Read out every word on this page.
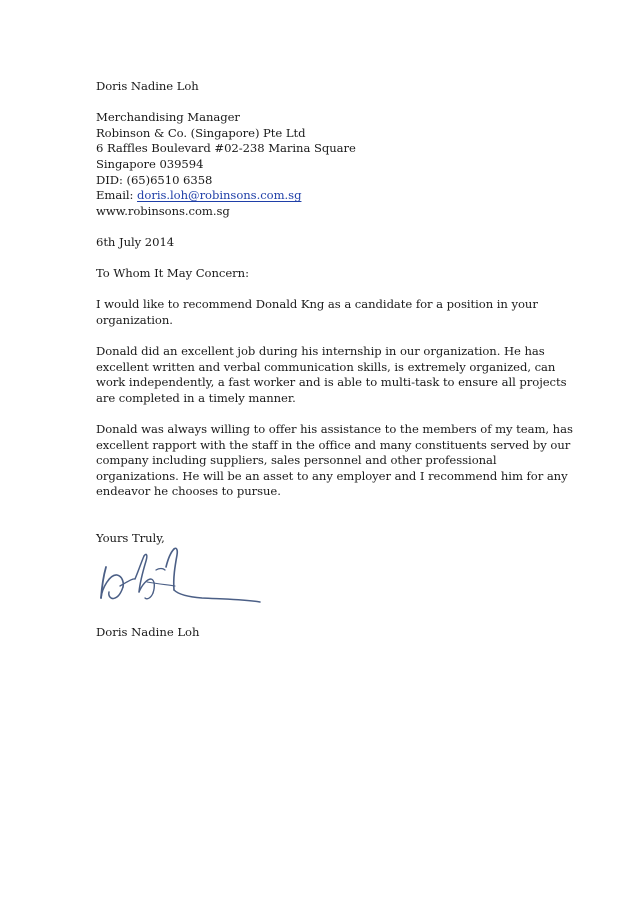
Doris Nadine Loh
Merchandising Manager
Robinson & Co. (Singapore) Pte Ltd
6 Raffles Boulevard #02-238 Marina Square
Singapore 039594
DID: (65)6510 6358
Email: doris.loh@robinsons.com.sg
www.robinsons.com.sg
6th July 2014
To Whom It May Concern:

I would like to recommend Donald Kng as a candidate for a position in your
organization.

Donald did an excellent job during his internship in our organization. He has
excellent written and verbal communication skills, is extremely organized, can
work independently, a fast worker and is able to multi-task to ensure all projects
are completed in a timely manner.

Donald was always willing to offer his assistance to the members of my team, has
excellent rapport with the staff in the office and many constituents served by our
company including suppliers, sales personnel and other professional
organizations. He will be an asset to any employer and I recommend him for any
endeavor he chooses to pursue.

Yours Truly,
Doris Nadine Loh
